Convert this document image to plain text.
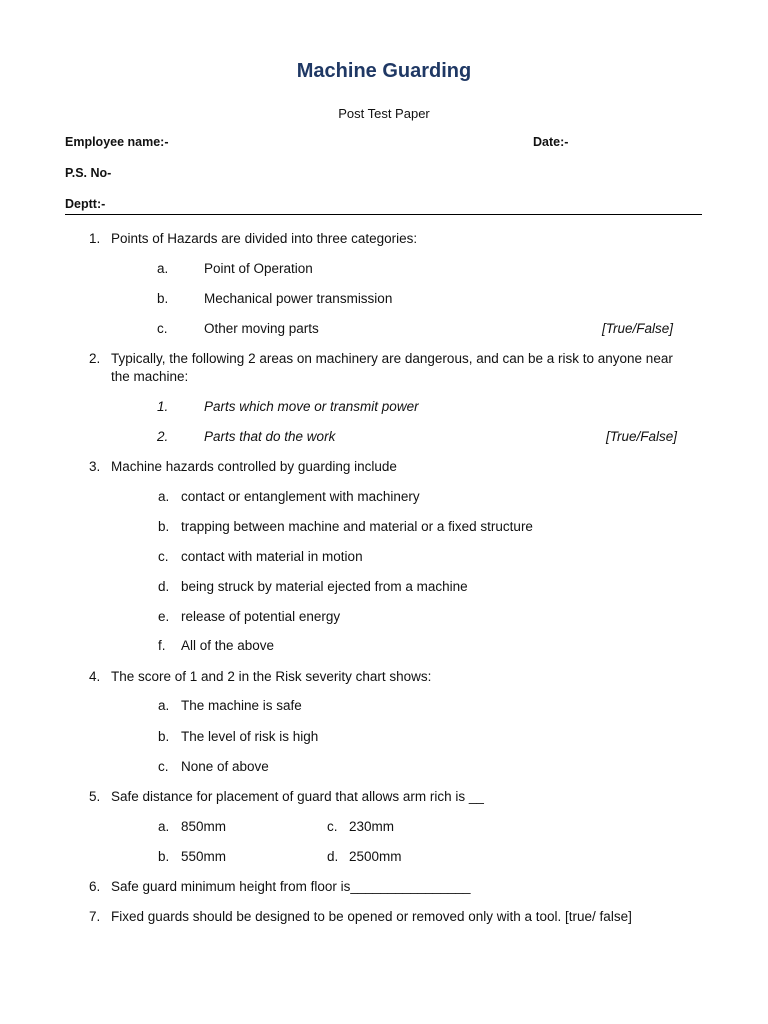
Machine Guarding
Post Test Paper
Employee name:-	Date:-
P.S. No-
Deptt:-
1. Points of Hazards are divided into three categories:
a.	Point of Operation
b.	Mechanical power transmission
c.	Other moving parts	[True/False]
2. Typically, the following 2 areas on machinery are dangerous, and can be a risk to anyone near
the machine:
1.	Parts which move or transmit power
2.	Parts that do the work	[True/False]
3. Machine hazards controlled by guarding include
a. contact or entanglement with machinery
b. trapping between machine and material or a fixed structure
c. contact with material in motion
d. being struck by material ejected from a machine
e. release of potential energy
f. All of the above
4. The score of 1 and 2 in the Risk severity chart shows:
a. The machine is safe
b. The level of risk is high
c. None of above
5. Safe distance for placement of guard that allows arm rich is __
a. 850mm	c. 230mm
b. 550mm	d. 2500mm
6. Safe guard minimum height from floor is________________
7. Fixed guards should be designed to be opened or removed only with a tool. [true/ false]
